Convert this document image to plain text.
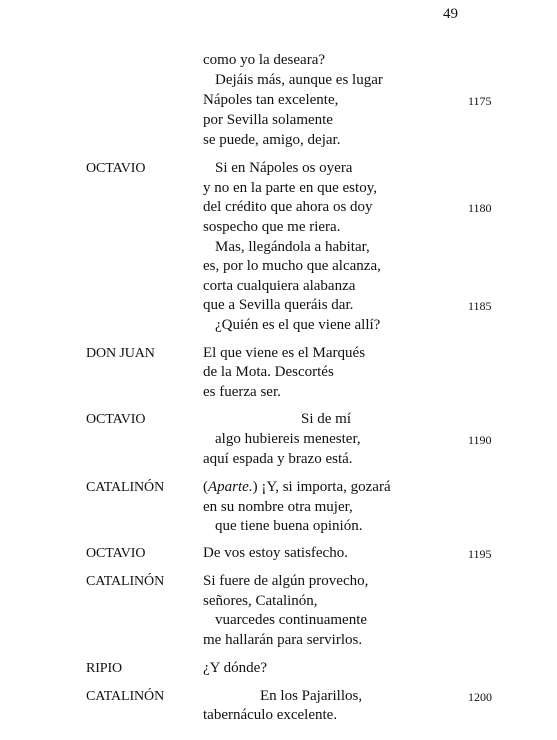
49
como yo la deseara?
Dejáis más, aunque es lugar
Nápoles tan excelente,	1175
por Sevilla solamente
se puede, amigo, dejar.
OCTAVIO	Si en Nápoles os oyera
y no en la parte en que estoy,
del crédito que ahora os doy	1180
sospecho que me riera.
Mas, llegándola a habitar,
es, por lo mucho que alcanza,
corta cualquiera alabanza
que a Sevilla queráis dar.	1185
¿Quién es el que viene allí?
DON JUAN	El que viene es el Marqués
de la Mota. Descortés
es fuerza ser.
OCTAVIO	Si de mí
algo hubiereis menester,	1190
aquí espada y brazo está.
CATALINÓN	(Aparte.) ¡Y, si importa, gozará
en su nombre otra mujer,
que tiene buena opinión.
OCTAVIO	De vos estoy satisfecho.	1195
CATALINÓN	Si fuere de algún provecho,
señores, Catalinón,
vuarcedes continuamente
me hallarán para servirlos.
RIPIO	¿Y dónde?
CATALINÓN	En los Pajarillos,	1200
tabernáculo excelente.
